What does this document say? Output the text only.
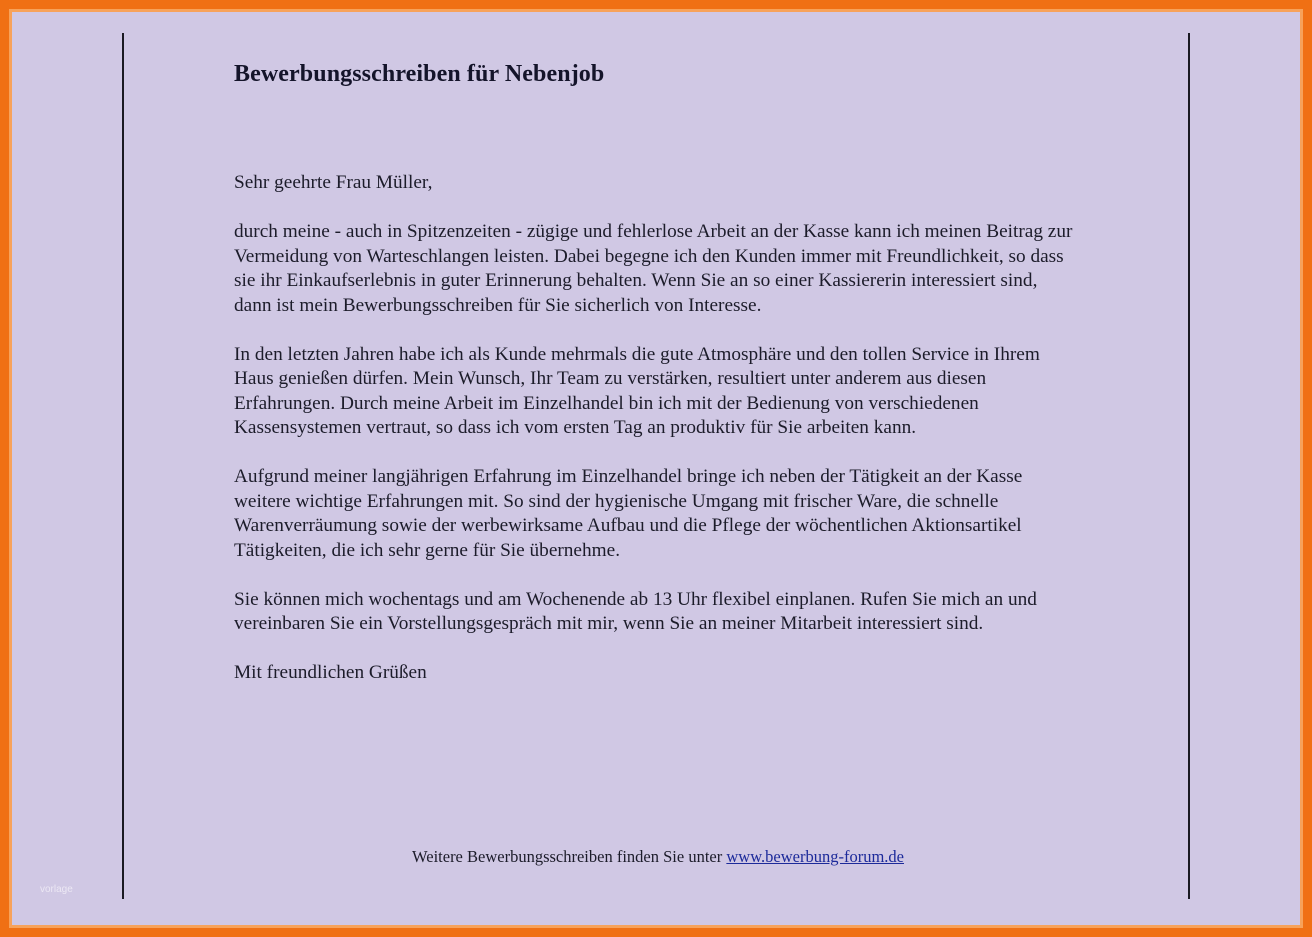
Bewerbungsschreiben für Nebenjob

Sehr geehrte Frau Müller,

durch meine - auch in Spitzenzeiten - zügige und fehlerlose Arbeit an der Kasse kann ich meinen Beitrag zur Vermeidung von Warteschlangen leisten. Dabei begegne ich den Kunden immer mit Freundlichkeit, so dass sie ihr Einkaufserlebnis in guter Erinnerung behalten. Wenn Sie an so einer Kassiererin interessiert sind, dann ist mein Bewerbungsschreiben für Sie sicherlich von Interesse.

In den letzten Jahren habe ich als Kunde mehrmals die gute Atmosphäre und den tollen Service in Ihrem Haus genießen dürfen. Mein Wunsch, Ihr Team zu verstärken, resultiert unter anderem aus diesen Erfahrungen. Durch meine Arbeit im Einzelhandel bin ich mit der Bedienung von verschiedenen Kassensystemen vertraut, so dass ich vom ersten Tag an produktiv für Sie arbeiten kann.

Aufgrund meiner langjährigen Erfahrung im Einzelhandel bringe ich neben der Tätigkeit an der Kasse weitere wichtige Erfahrungen mit. So sind der hygienische Umgang mit frischer Ware, die schnelle Warenverräumung sowie der werbewirksame Aufbau und die Pflege der wöchentlichen Aktionsartikel Tätigkeiten, die ich sehr gerne für Sie übernehme.

Sie können mich wochentags und am Wochenende ab 13 Uhr flexibel einplanen. Rufen Sie mich an und vereinbaren Sie ein Vorstellungsgespräch mit mir, wenn Sie an meiner Mitarbeit interessiert sind.

Mit freundlichen Grüßen

Weitere Bewerbungsschreiben finden Sie unter www.bewerbung-forum.de
vorlage
